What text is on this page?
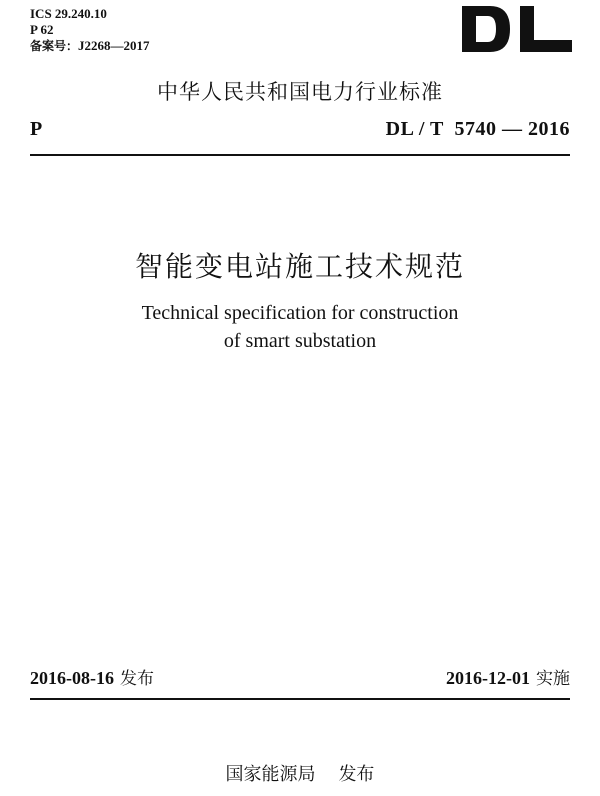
ICS 29.240.10
P 62
备案号：J2268—2017
中华人民共和国电力行业标准
P	DL / T  5740 — 2016
智能变电站施工技术规范
Technical specification for construction
of smart substation
2016-08-16 发布	2016-12-01 实施
国家能源局 发布
